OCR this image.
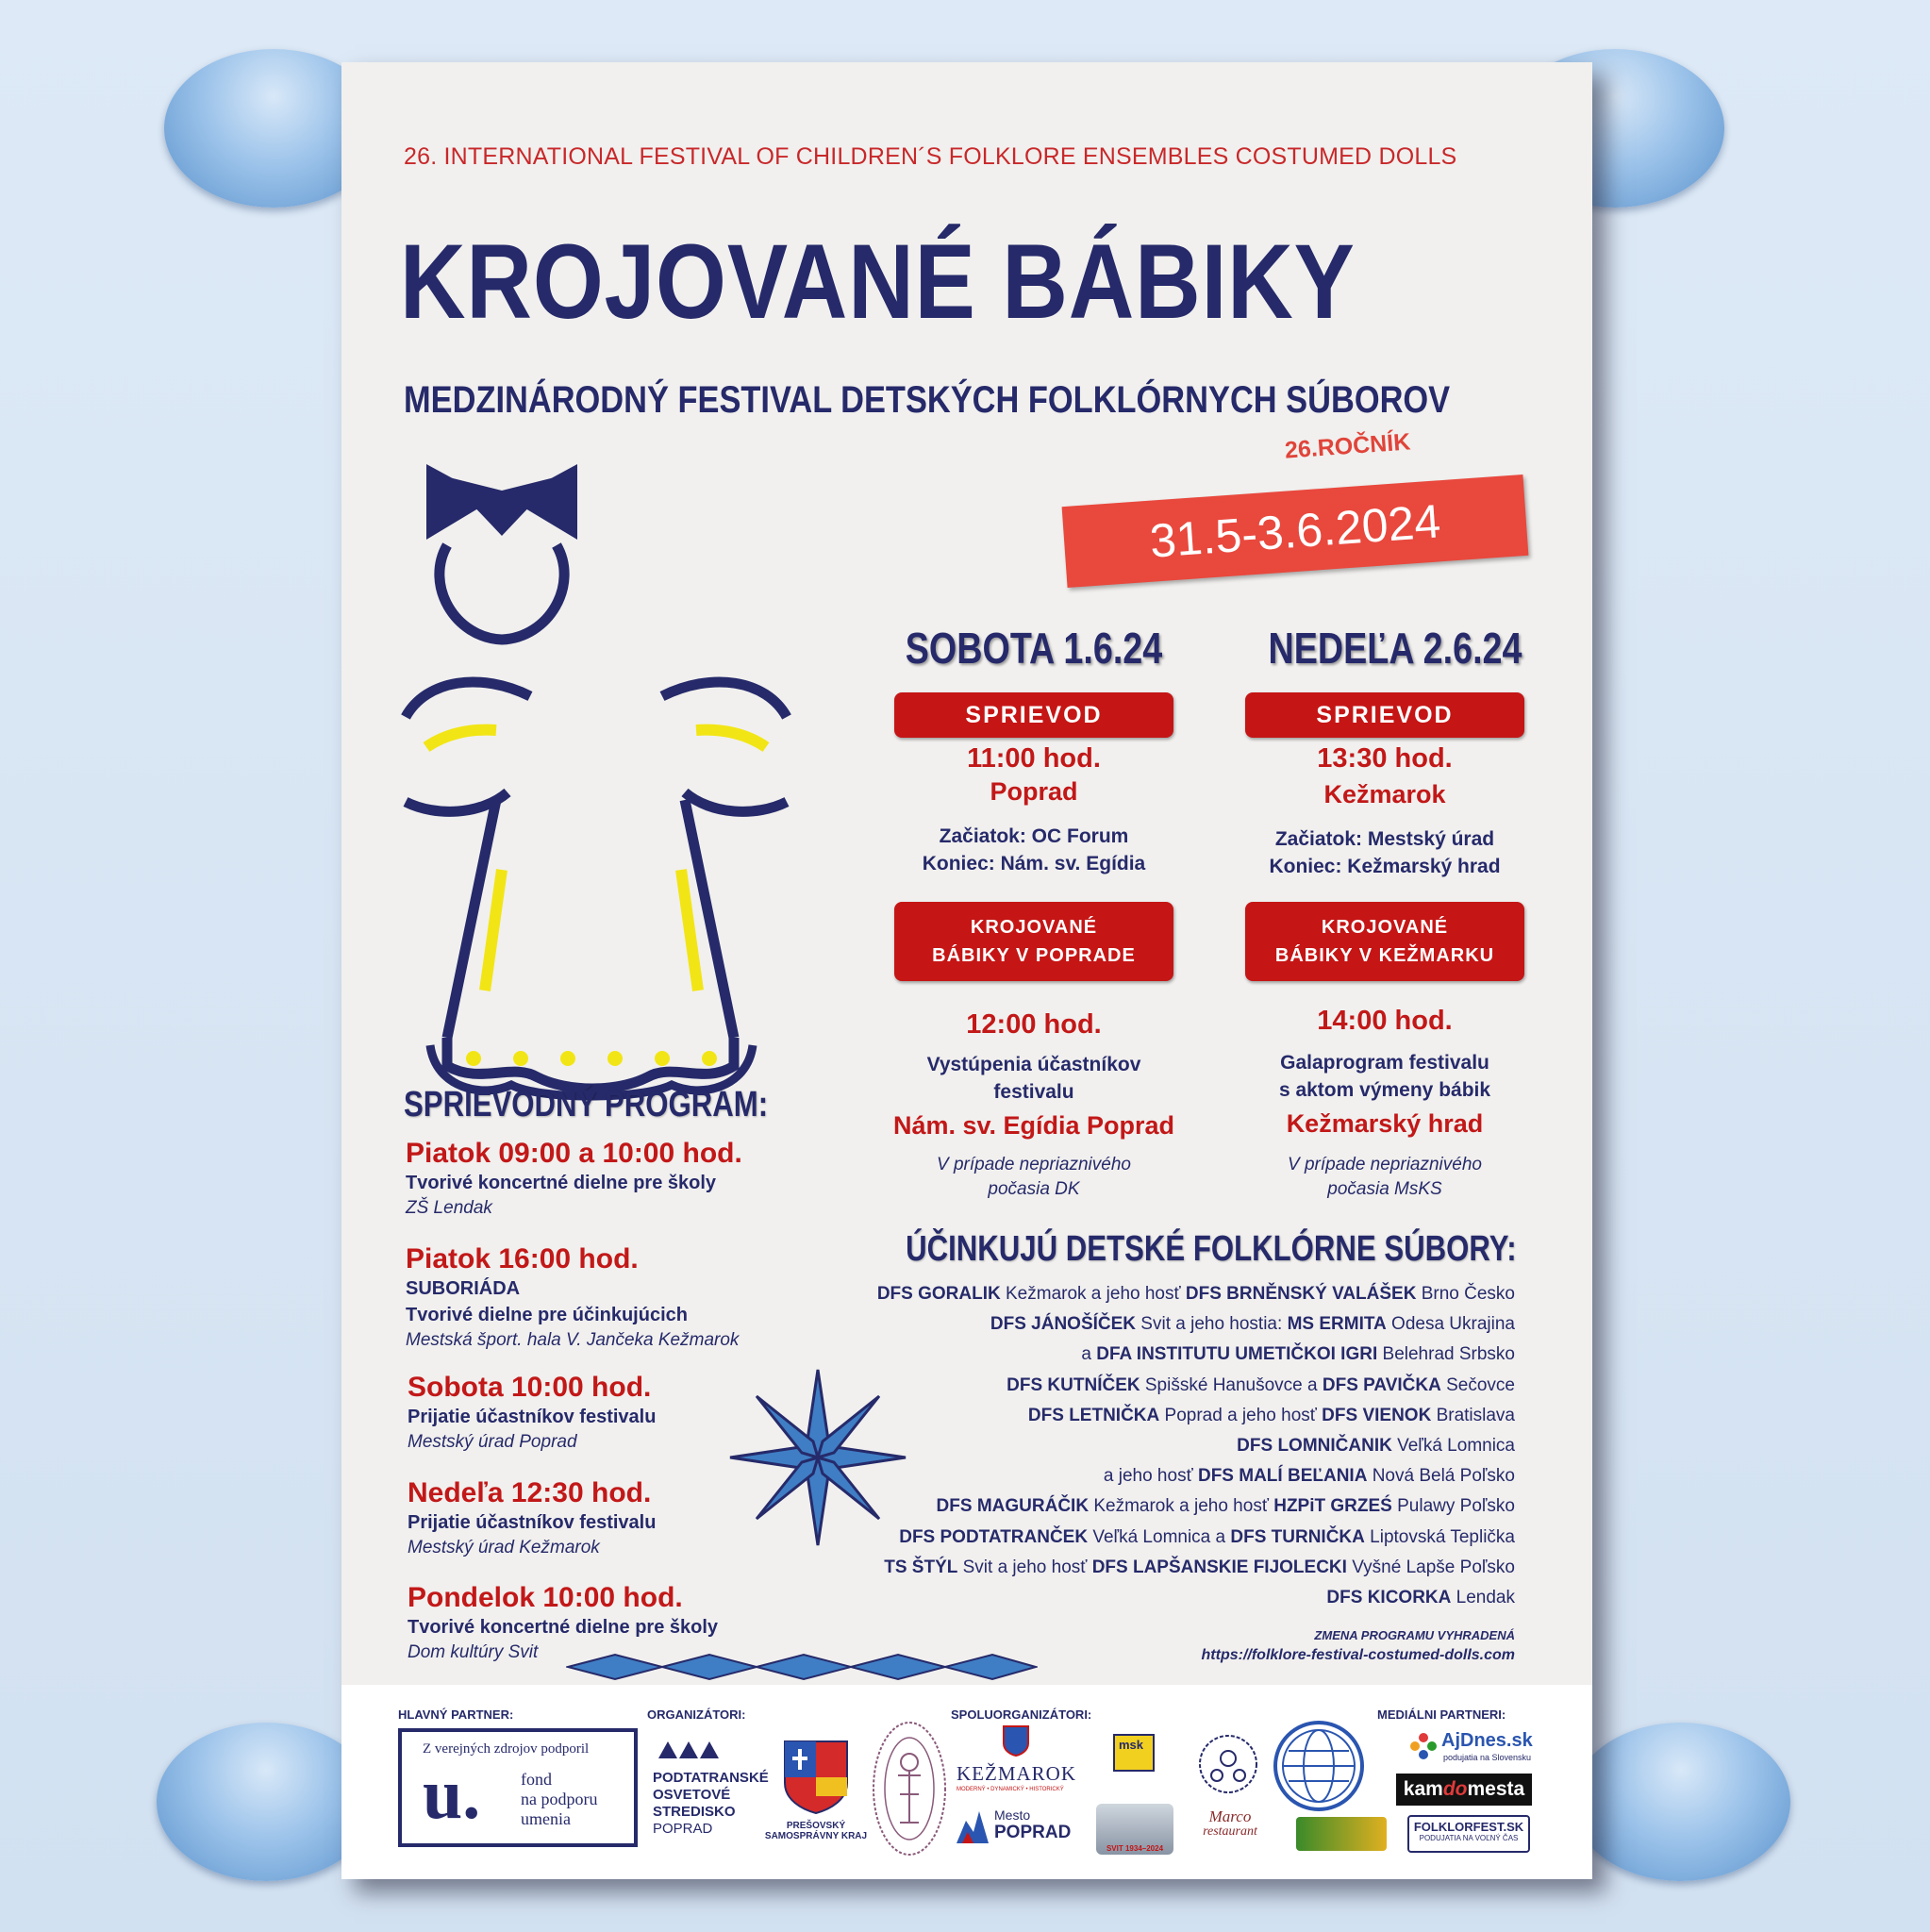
26. INTERNATIONAL FESTIVAL OF CHILDREN´S FOLKLORE ENSEMBLES COSTUMED DOLLS
KROJOVANÉ BÁBIKY
MEDZINÁRODNÝ FESTIVAL DETSKÝCH FOLKLÓRNYCH SÚBOROV
26.ROČNÍK
31.5-3.6.2024
SOBOTA 1.6.24
SPRIEVOD
11:00 hod.
Poprad
Začiatok: OC Forum
Koniec: Nám. sv. Egídia
KROJOVANÉ
BÁBIKY V POPRADE
12:00 hod.
Vystúpenia účastníkov
festivalu
Nám. sv. Egídia Poprad
V prípade nepriaznivého
počasia DK
NEDEĽA 2.6.24
SPRIEVOD
13:30 hod.
Kežmarok
Začiatok: Mestský úrad
Koniec: Kežmarský hrad
KROJOVANÉ
BÁBIKY V KEŽMARKU
14:00 hod.
Galaprogram festivalu
s aktom výmeny bábik
Kežmarský hrad
V prípade nepriaznivého
počasia MsKS
SPRIEVODNÝ PROGRAM:
Piatok 09:00 a 10:00 hod.
Tvorivé koncertné dielne pre školy
ZŠ Lendak
Piatok 16:00 hod.
SUBORIÁDA
Tvorivé dielne pre účinkujúcich
Mestská šport. hala V. Jančeka Kežmarok
Sobota 10:00 hod.
Prijatie účastníkov festivalu
Mestský úrad Poprad
Nedeľa 12:30 hod.
Prijatie účastníkov festivalu
Mestský úrad Kežmarok
Pondelok 10:00 hod.
Tvorivé koncertné dielne pre školy
Dom kultúry Svit
ÚČINKUJÚ DETSKÉ FOLKLÓRNE SÚBORY:
DFS GORALIK Kežmarok a jeho hosť DFS BRNĚNSKÝ VALÁŠEK Brno Česko
DFS JÁNOŠÍČEK Svit a jeho hostia: MS ERMITA Odesa Ukrajina
a DFA INSTITUTU UMETIČKOI IGRI Belehrad Srbsko
DFS KUTNÍČEK Spišské Hanušovce a DFS PAVIČKA Sečovce
DFS LETNIČKA Poprad a jeho hosť DFS VIENOK Bratislava
DFS LOMNIČANIK Veľká Lomnica
a jeho hosť DFS MALÍ BEĽANIA Nová Belá Poľsko
DFS MAGURÁČIK Kežmarok a jeho hosť HZPiT GRZEŚ Pulawy Poľsko
DFS PODTATRANČEK Veľká Lomnica a DFS TURNIČKA Liptovská Teplička
TS ŠTÝL Svit a jeho hosť DFS LAPŠANSKIE FIJOLECKI Vyšné Lapše Poľsko
DFS KICORKA Lendak
ZMENA PROGRAMU VYHRADENÁ
https://folklore-festival-costumed-dolls.com
HLAVNÝ PARTNER:
Z verejných zdrojov podporil
u. fond
na podporu
umenia
ORGANIZÁTORI:
PODTATRANSKÉ
OSVETOVÉ
STREDISKO
POPRAD	PREŠOVSKÝ
SAMOSPRÁVNY KRAJ
SPOLUORGANIZÁTORI:
KEŽMAROK
MODERNÝ • DYNAMICKÝ • HISTORICKÝ
Mesto
POPRAD
msk
SVIT 1934–2024
Marco
restaurant
MEDIÁLNI PARTNERI:
AjDnes.sk
podujatia na Slovensku
kam do mesta
FOLKLORFEST.SK
PODUJATIA NA VOĽNÝ ČAS
